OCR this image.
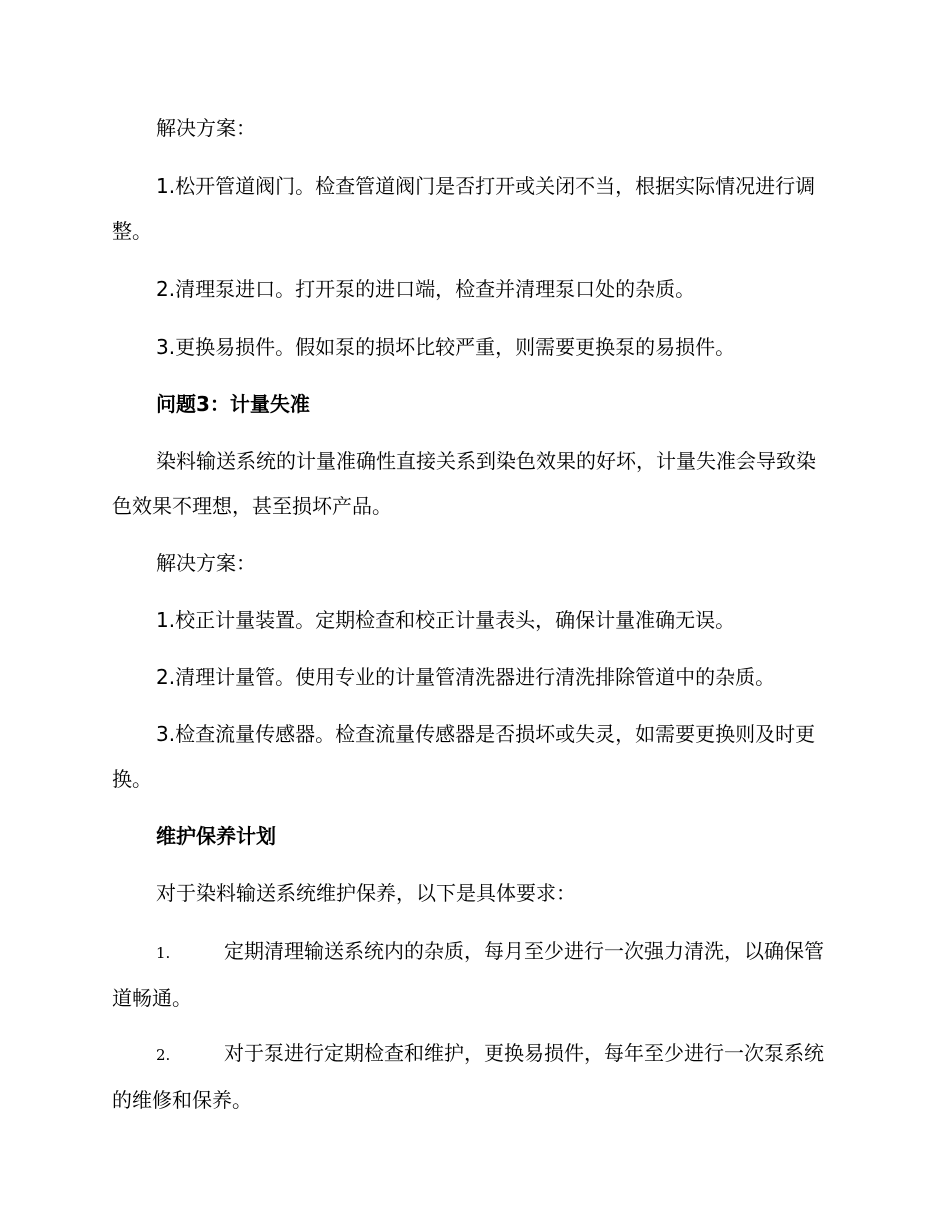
解决方案：

1.松开管道阀门。检查管道阀门是否打开或关闭不当，根据实际情况进行调整。

2.清理泵进口。打开泵的进口端，检查并清理泵口处的杂质。

3.更换易损件。假如泵的损坏比较严重，则需要更换泵的易损件。

问题3：计量失准

染料输送系统的计量准确性直接关系到染色效果的好坏，计量失准会导致染色效果不理想，甚至损坏产品。

解决方案：

1.校正计量装置。定期检查和校正计量表头，确保计量准确无误。

2.清理计量管。使用专业的计量管清洗器进行清洗排除管道中的杂质。

3.检查流量传感器。检查流量传感器是否损坏或失灵，如需要更换则及时更换。

维护保养计划

对于染料输送系统维护保养，以下是具体要求：

1.	定期清理输送系统内的杂质，每月至少进行一次强力清洗，以确保管道畅通。

2.	对于泵进行定期检查和维护，更换易损件，每年至少进行一次泵系统的维修和保养。
